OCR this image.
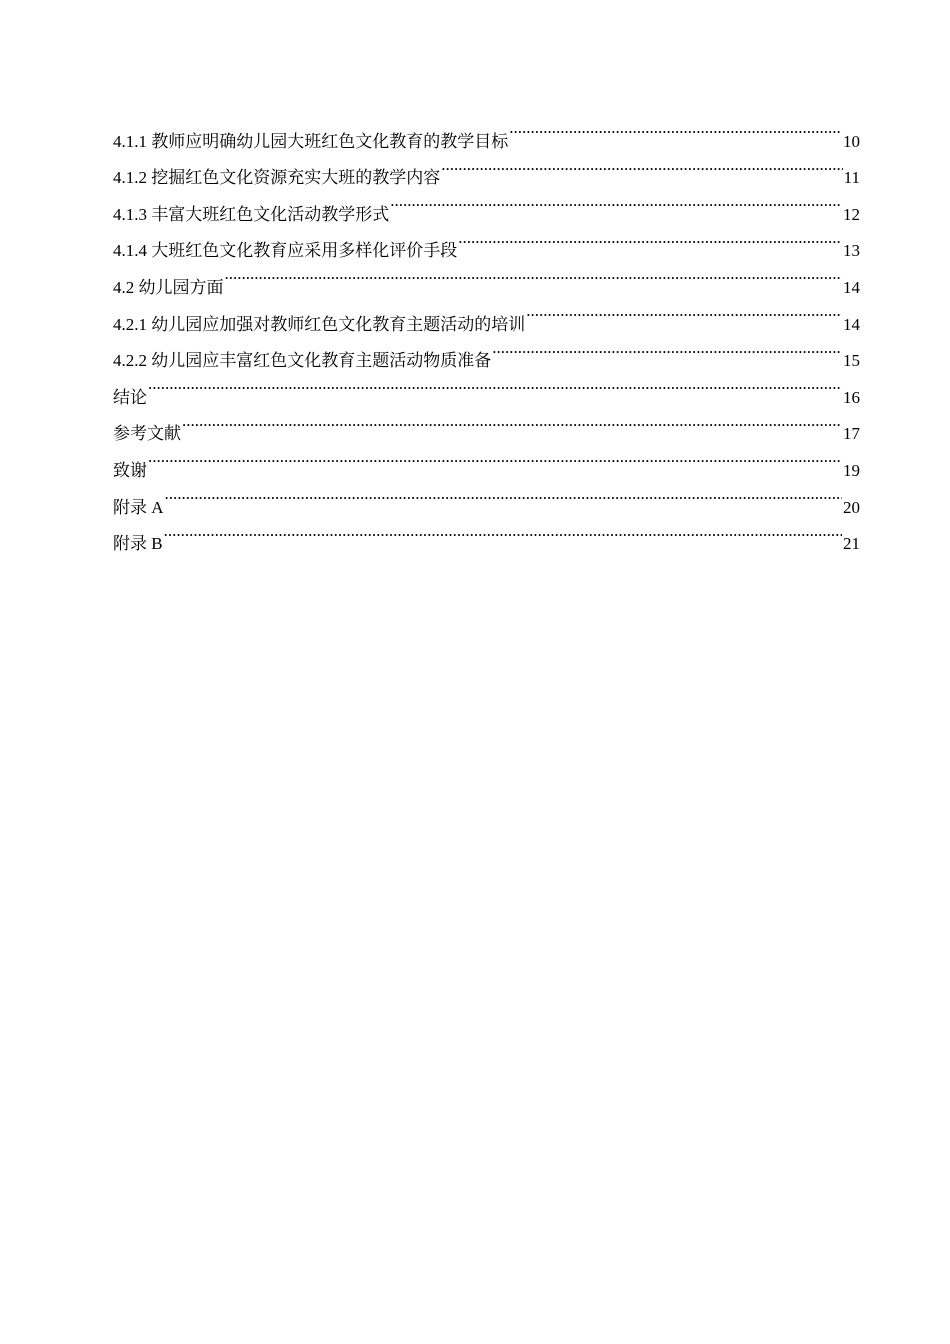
4.1.1 教师应明确幼儿园大班红色文化教育的教学目标 .....	10
4.1.2 挖掘红色文化资源充实大班的教学内容 .....	11
4.1.3 丰富大班红色文化活动教学形式 .....	12
4.1.4 大班红色文化教育应采用多样化评价手段 .....	13
4.2 幼儿园方面 .....	14
4.2.1 幼儿园应加强对教师红色文化教育主题活动的培训 .....	14
4.2.2 幼儿园应丰富红色文化教育主题活动物质准备 .....	15
结论 .....	16
参考文献 .....	17
致谢 .....	19
附录 A .....	20
附录 B .....	21
